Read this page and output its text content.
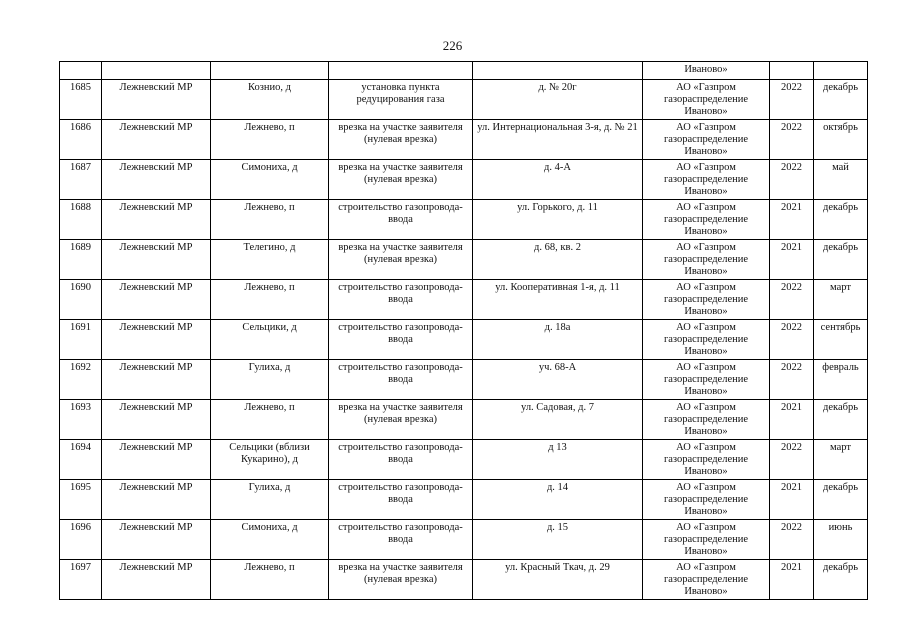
226
					Иваново»		
1685	Лежневский МР	Кознио, д	установка пункта редуцирования газа	д. № 20г	АО «Газпром газораспределение Иваново»	2022	декабрь
1686	Лежневский МР	Лежнево, п	врезка на участке заявителя (нулевая врезка)	ул. Интернациональная 3-я, д. № 21	АО «Газпром газораспределение Иваново»	2022	октябрь
1687	Лежневский МР	Симониха, д	врезка на участке заявителя (нулевая врезка)	д. 4-А	АО «Газпром газораспределение Иваново»	2022	май
1688	Лежневский МР	Лежнево, п	строительство газопровода-ввода	ул. Горького, д. 11	АО «Газпром газораспределение Иваново»	2021	декабрь
1689	Лежневский МР	Телегино, д	врезка на участке заявителя (нулевая врезка)	д. 68, кв. 2	АО «Газпром газораспределение Иваново»	2021	декабрь
1690	Лежневский МР	Лежнево, п	строительство газопровода-ввода	ул. Кооперативная 1-я, д. 11	АО «Газпром газораспределение Иваново»	2022	март
1691	Лежневский МР	Сельцики, д	строительство газопровода-ввода	д. 18а	АО «Газпром газораспределение Иваново»	2022	сентябрь
1692	Лежневский МР	Гулиха, д	строительство газопровода-ввода	уч. 68-А	АО «Газпром газораспределение Иваново»	2022	февраль
1693	Лежневский МР	Лежнево, п	врезка на участке заявителя (нулевая врезка)	ул. Садовая, д. 7	АО «Газпром газораспределение Иваново»	2021	декабрь
1694	Лежневский МР	Сельцики (вблизи Кукарино), д	строительство газопровода-ввода	д 13	АО «Газпром газораспределение Иваново»	2022	март
1695	Лежневский МР	Гулиха, д	строительство газопровода-ввода	д. 14	АО «Газпром газораспределение Иваново»	2021	декабрь
1696	Лежневский МР	Симониха, д	строительство газопровода-ввода	д. 15	АО «Газпром газораспределение Иваново»	2022	июнь
1697	Лежневский МР	Лежнево, п	врезка на участке заявителя (нулевая врезка)	ул. Красный Ткач, д. 29	АО «Газпром газораспределение Иваново»	2021	декабрь
